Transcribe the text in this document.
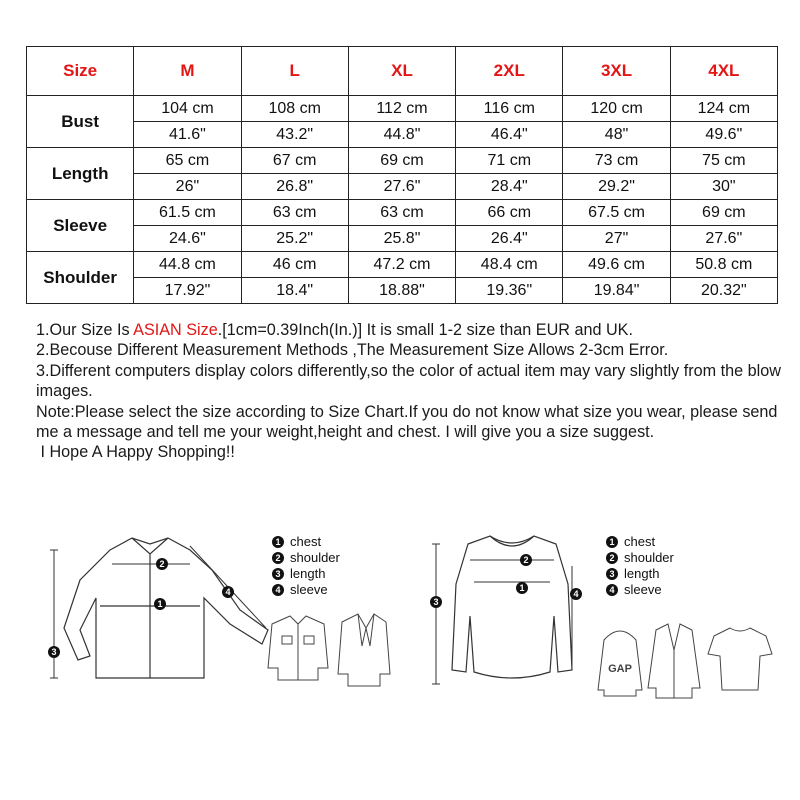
Size	M	L	XL	2XL	3XL	4XL
Bust	104 cm	108 cm	112 cm	116 cm	120 cm	124 cm
	41.6"	43.2"	44.8"	46.4"	48"	49.6"
Length	65 cm	67 cm	69 cm	71 cm	73 cm	75 cm
	26"	26.8"	27.6"	28.4"	29.2"	30"
Sleeve	61.5 cm	63 cm	63 cm	66 cm	67.5 cm	69 cm
	24.6"	25.2"	25.8"	26.4"	27"	27.6"
Shoulder	44.8 cm	46 cm	47.2 cm	48.4 cm	49.6 cm	50.8 cm
	17.92"	18.4"	18.88"	19.36"	19.84"	20.32"

1.Our Size Is ASIAN Size.[1cm=0.39Inch(In.)] It is small 1-2 size than EUR and UK.

2.Becouse Different Measurement Methods ,The Measurement Size Allows 2-3cm Error.

3.Different computers display colors differently,so the color of actual item may vary slightly from the blow images.

Note:Please select the size according to Size Chart.If you do not know what size you wear, please send me a message and tell me your weight,height and chest. I will give you a size suggest.

I Hope A Happy Shopping!!

2
1
4
3
1 chest
2 shoulder
3 length
4 sleeve
2
1
3
4
1 chest
2 shoulder
3 length
4 sleeve
GAP
